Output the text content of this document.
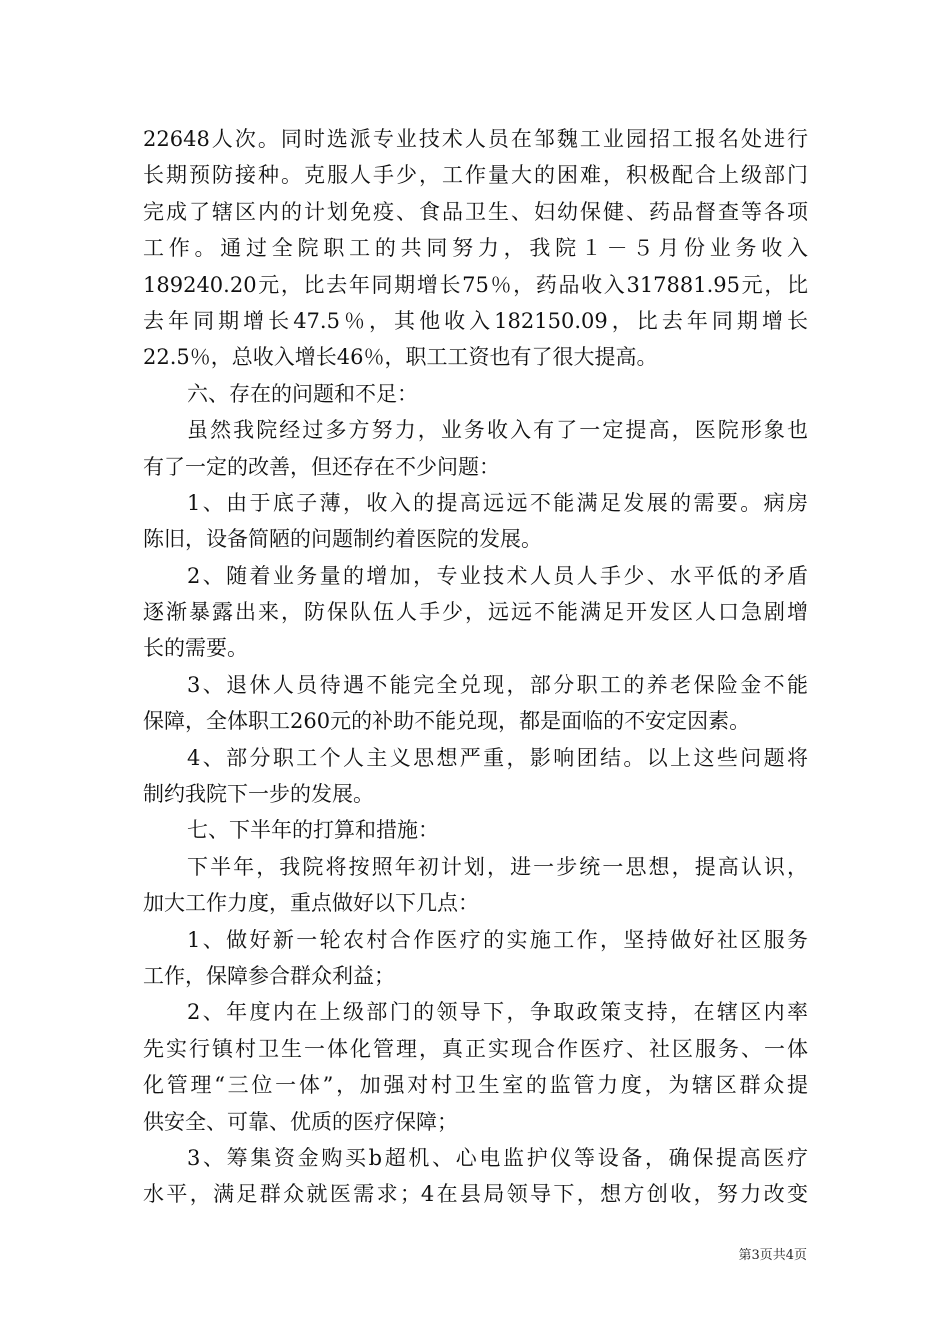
22648人次。同时选派专业技术人员在邹魏工业园招工报名处进行
长期预防接种。克服人手少，工作量大的困难，积极配合上级部门
完成了辖区内的计划免疫、食品卫生、妇幼保健、药品督查等各项
工作。通过全院职工的共同努力，我院１－５月份业务收入
189240.20元，比去年同期增长75％，药品收入317881.95元，比
去年同期增长47.5％，其他收入182150.09，比去年同期增长
22.5％，总收入增长46％，职工工资也有了很大提高。
六、存在的问题和不足：
虽然我院经过多方努力，业务收入有了一定提高，医院形象也
有了一定的改善，但还存在不少问题：
1、由于底子薄，收入的提高远远不能满足发展的需要。病房
陈旧，设备简陋的问题制约着医院的发展。
2、随着业务量的增加，专业技术人员人手少、水平低的矛盾
逐渐暴露出来，防保队伍人手少，远远不能满足开发区人口急剧增
长的需要。
3、退休人员待遇不能完全兑现，部分职工的养老保险金不能
保障，全体职工260元的补助不能兑现，都是面临的不安定因素。
4、部分职工个人主义思想严重，影响团结。以上这些问题将
制约我院下一步的发展。
七、下半年的打算和措施：
下半年，我院将按照年初计划，进一步统一思想，提高认识，
加大工作力度，重点做好以下几点：
1、做好新一轮农村合作医疗的实施工作，坚持做好社区服务
工作，保障参合群众利益；
2、年度内在上级部门的领导下，争取政策支持，在辖区内率
先实行镇村卫生一体化管理，真正实现合作医疗、社区服务、一体
化管理“三位一体”，加强对村卫生室的监管力度，为辖区群众提
供安全、可靠、优质的医疗保障；
3、筹集资金购买b超机、心电监护仪等设备，确保提高医疗
水平，满足群众就医需求；4在县局领导下，想方创收，努力改变
第3页共4页
